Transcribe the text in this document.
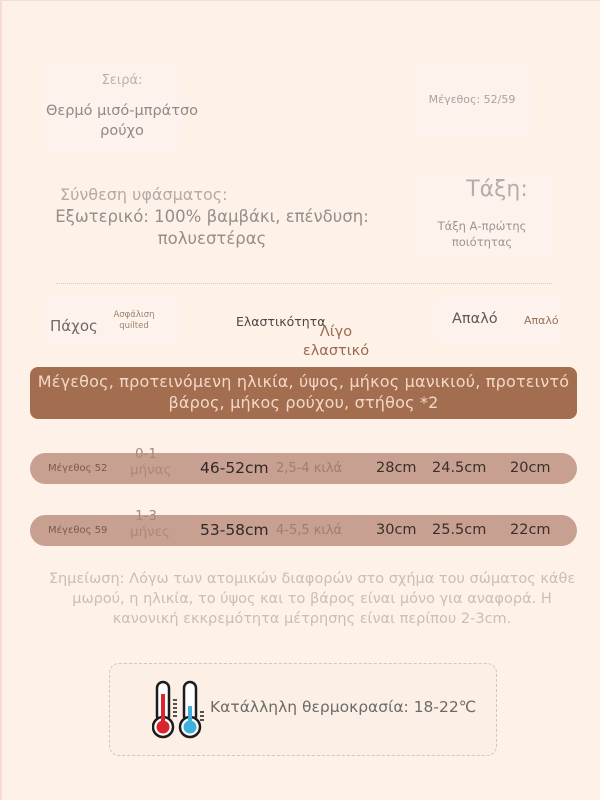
Σειρά:
Θερμό μισό-μπράτσο ρούχο
Μέγεθος: 52/59
Σύνθεση υφάσματος:
Εξωτερικό: 100% βαμβάκι, επένδυση: πολυεστέρας
Τάξη:
Τάξη Α-πρώτης ποιότητας
Πάχος
Ασφάλιση quilted	Ελαστικότητα
Λίγο ελαστικό
Απαλό Απαλό
Μέγεθος, προτεινόμενη ηλικία, ύψος, μήκος μανικιού, προτειντό βάρος, μήκος ρούχου, στήθος *2
Μέγεθος 52
0-1 μήνας 46-52cm 2,5-4 κιλά 28cm 24.5cm 20cm
Μέγεθος 59
1-3 μήνες 53-58cm 4-5,5 κιλά 30cm 25.5cm 22cm
Σημείωση: Λόγω των ατομικών διαφορών στο σχήμα του σώματος κάθε μωρού, η ηλικία, το ύψος και το βάρος είναι μόνο για αναφορά. Η κανονική εκκρεμότητα μέτρησης είναι περίπου 2-3cm.
Κατάλληλη θερμοκρασία: 18-22℃
